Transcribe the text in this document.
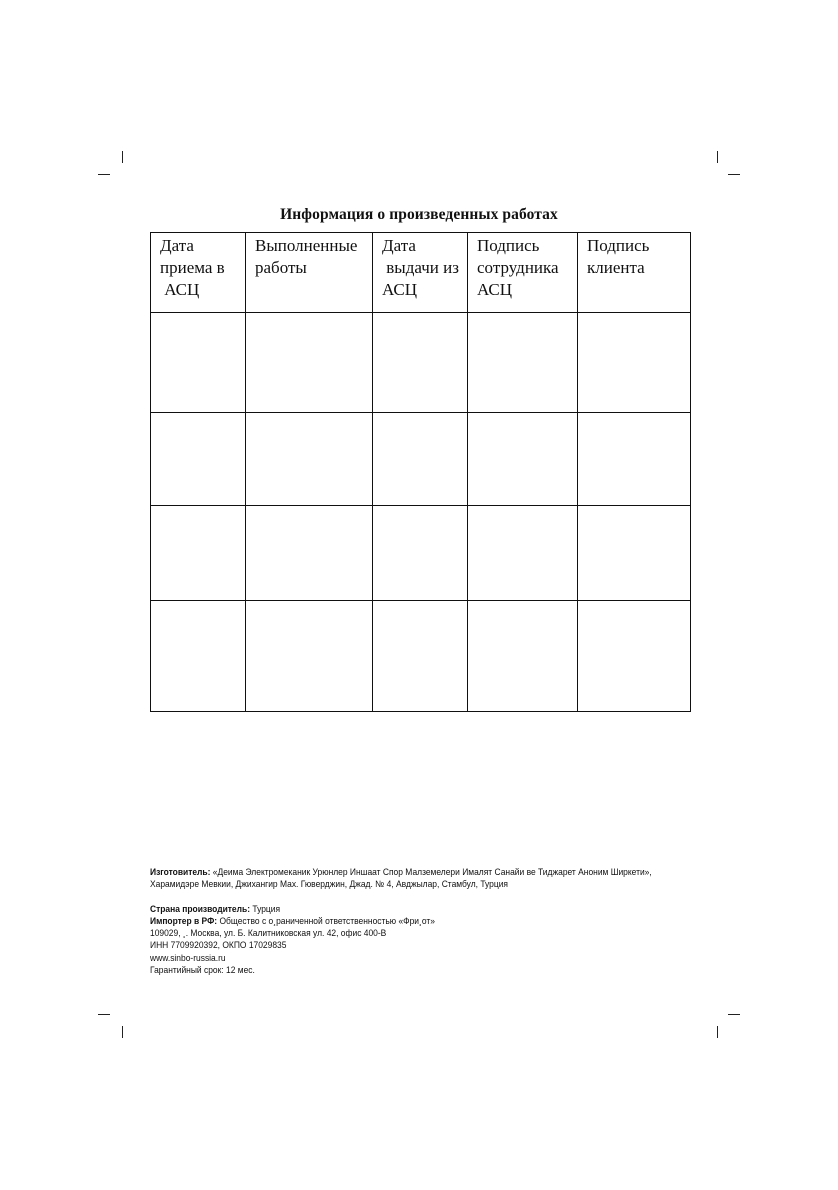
Информация о произведенных работах
Дата
приема в
АСЦ	Выполненные
работы	Дата
выдачи из
АСЦ	Подпись
сотрудника
АСЦ	Подпись
клиента

Изготовитель: «Деима Электромеканик Урюнлер Иншаат Спор Малземелери Ималят Санайи ве Тиджарет Аноним Ширкети», Харамидэре Мевкии, Джихангир Мах. Гюверджин, Джад. № 4, Авджылар, Стамбул, Турция

Страна производитель: Турция

Импортер в РФ: Общество с о¸раниченной ответственностью «Фри¸от»

109029, ¸. Москва, ул. Б. Калитниковская ул. 42, офис 400-В

ИНН 7709920392, ОКПО 17029835

www.sinbo-russia.ru

Гарантийный срок: 12 мес.
